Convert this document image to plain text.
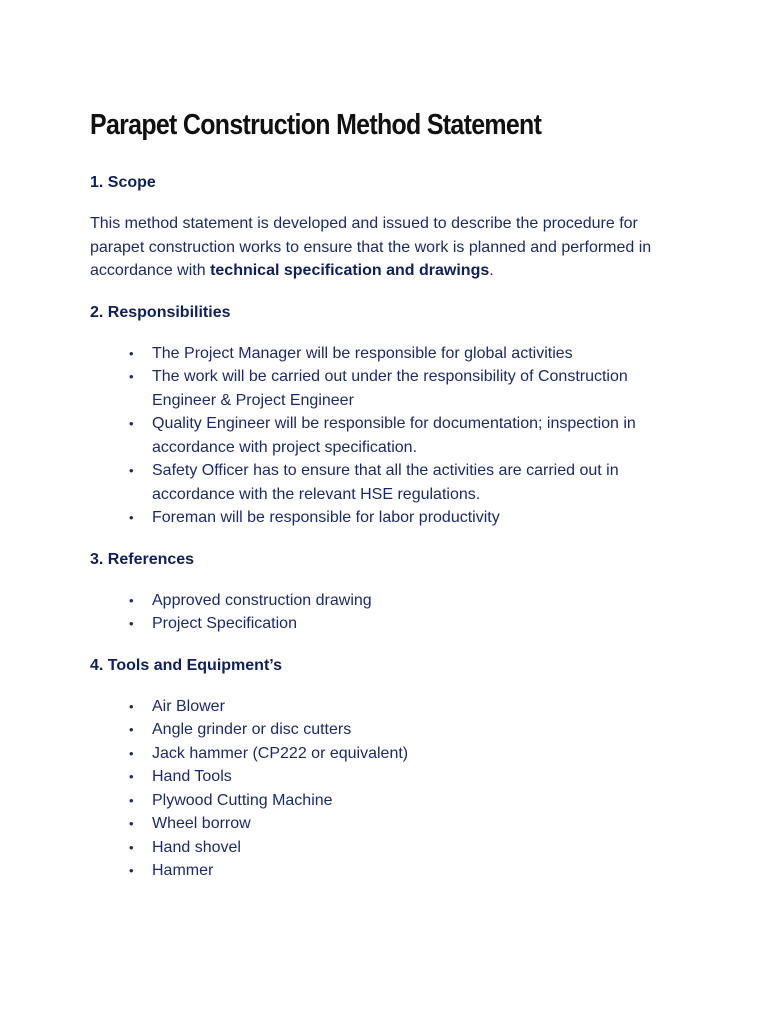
Parapet Construction Method Statement
1. Scope

This method statement is developed and issued to describe the procedure for parapet construction works to ensure that the work is planned and performed in accordance with technical specification and drawings.

2. Responsibilities
• The Project Manager will be responsible for global activities
• The work will be carried out under the responsibility of Construction Engineer & Project Engineer
• Quality Engineer will be responsible for documentation; inspection in accordance with project specification.
• Safety Officer has to ensure that all the activities are carried out in accordance with the relevant HSE regulations.
• Foreman will be responsible for labor productivity
3. References
• Approved construction drawing
• Project Specification
4. Tools and Equipment’s
• Air Blower
• Angle grinder or disc cutters
• Jack hammer (CP222 or equivalent)
• Hand Tools
• Plywood Cutting Machine
• Wheel borrow
• Hand shovel
• Hammer
